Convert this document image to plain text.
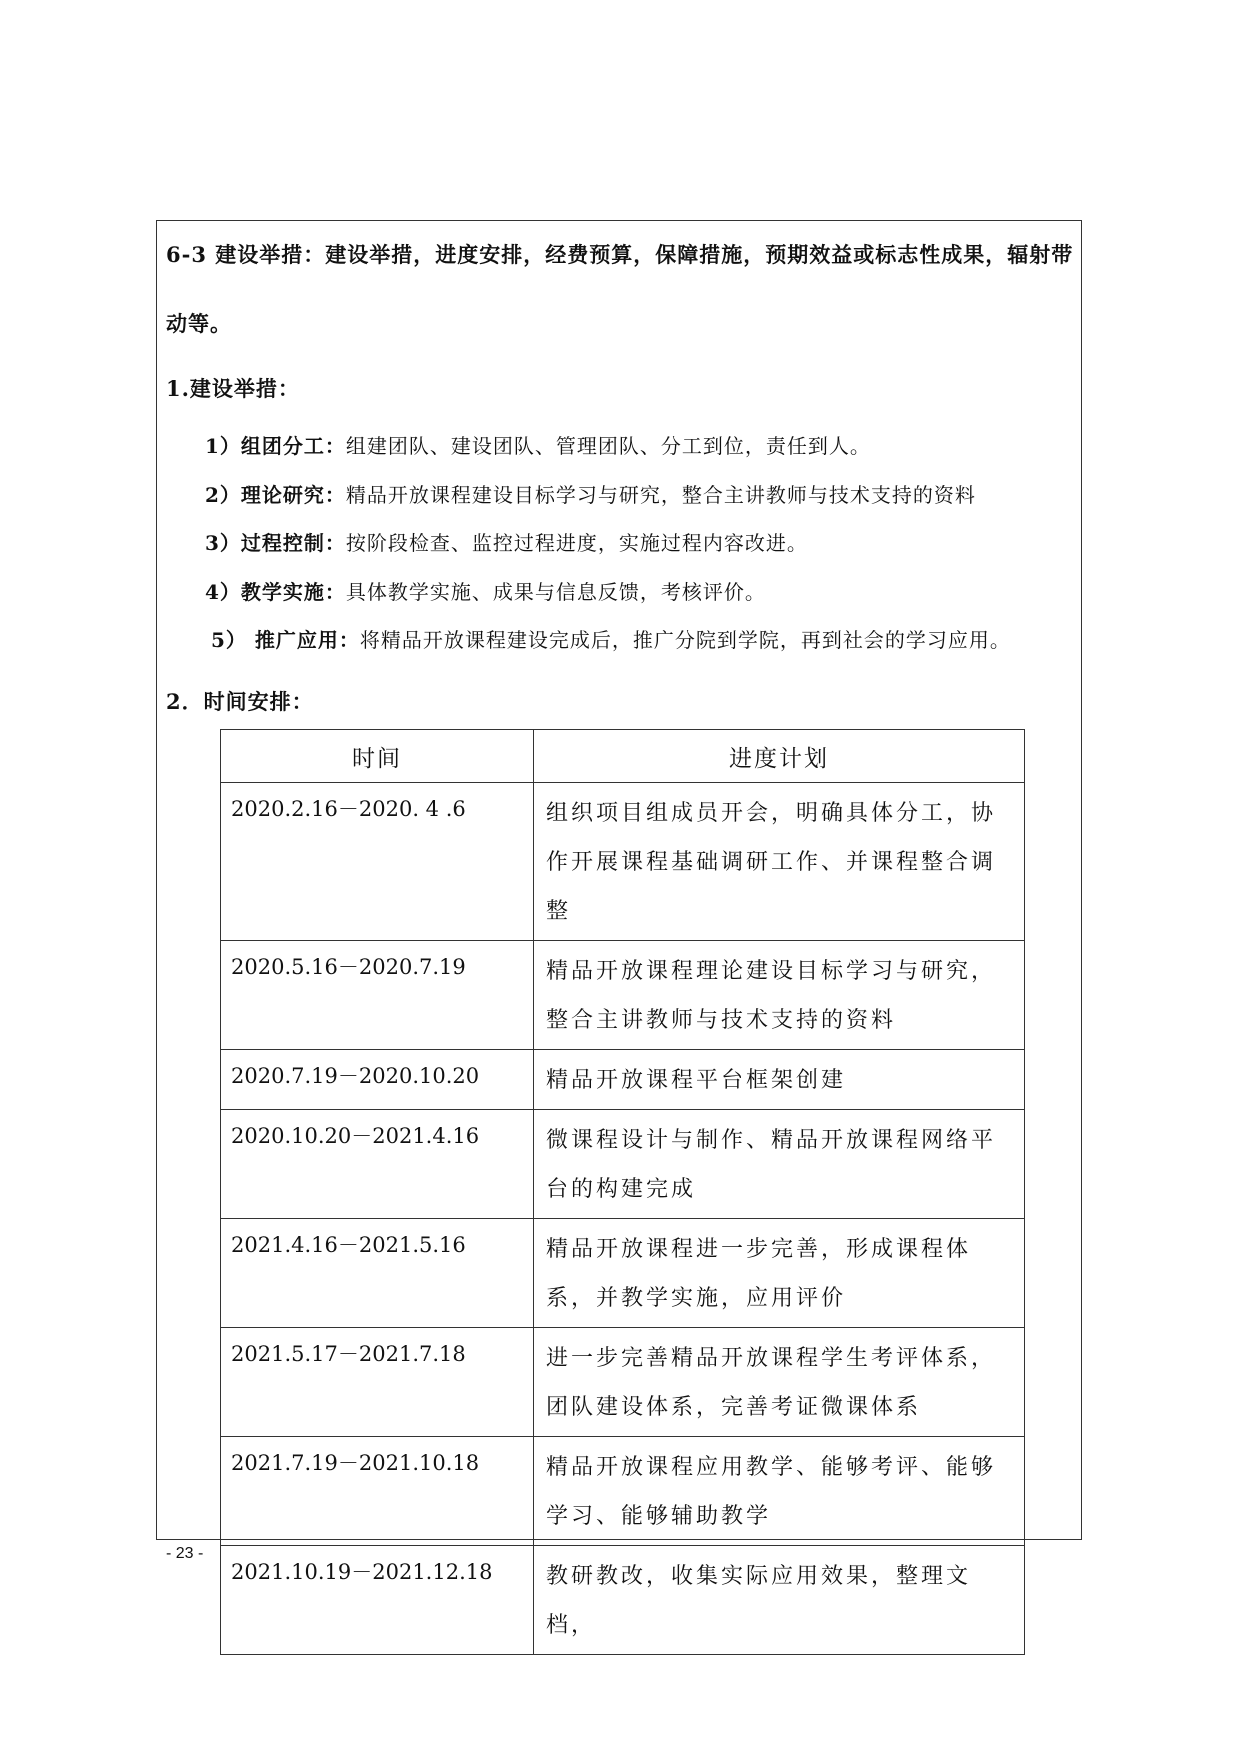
6-3 建设举措：建设举措，进度安排，经费预算，保障措施，预期效益或标志性成果，辐射带
动等。
1.建设举措：
1）组团分工：组建团队、建设团队、管理团队、分工到位，责任到人。
2）理论研究：精品开放课程建设目标学习与研究，整合主讲教师与技术支持的资料
3）过程控制：按阶段检查、监控过程进度，实施过程内容改进。
4）教学实施：具体教学实施、成果与信息反馈，考核评价。
5） 推广应用：将精品开放课程建设完成后，推广分院到学院，再到社会的学习应用。
2．时间安排：
时间	进度计划
2020.2.16－2020. 4 .6	组织项目组成员开会，明确具体分工，协作开展课程基础调研工作、并课程整合调整
2020.5.16－2020.7.19	精品开放课程理论建设目标学习与研究，整合主讲教师与技术支持的资料
2020.7.19－2020.10.20	精品开放课程平台框架创建
2020.10.20－2021.4.16	微课程设计与制作、精品开放课程网络平台的构建完成
2021.4.16－2021.5.16	精品开放课程进一步完善，形成课程体系，并教学实施，应用评价
2021.5.17－2021.7.18	进一步完善精品开放课程学生考评体系，团队建设体系，完善考证微课体系
2021.7.19－2021.10.18	精品开放课程应用教学、能够考评、能够学习、能够辅助教学
2021.10.19－2021.12.18	教研教改，收集实际应用效果，整理文档，
- 23 -
